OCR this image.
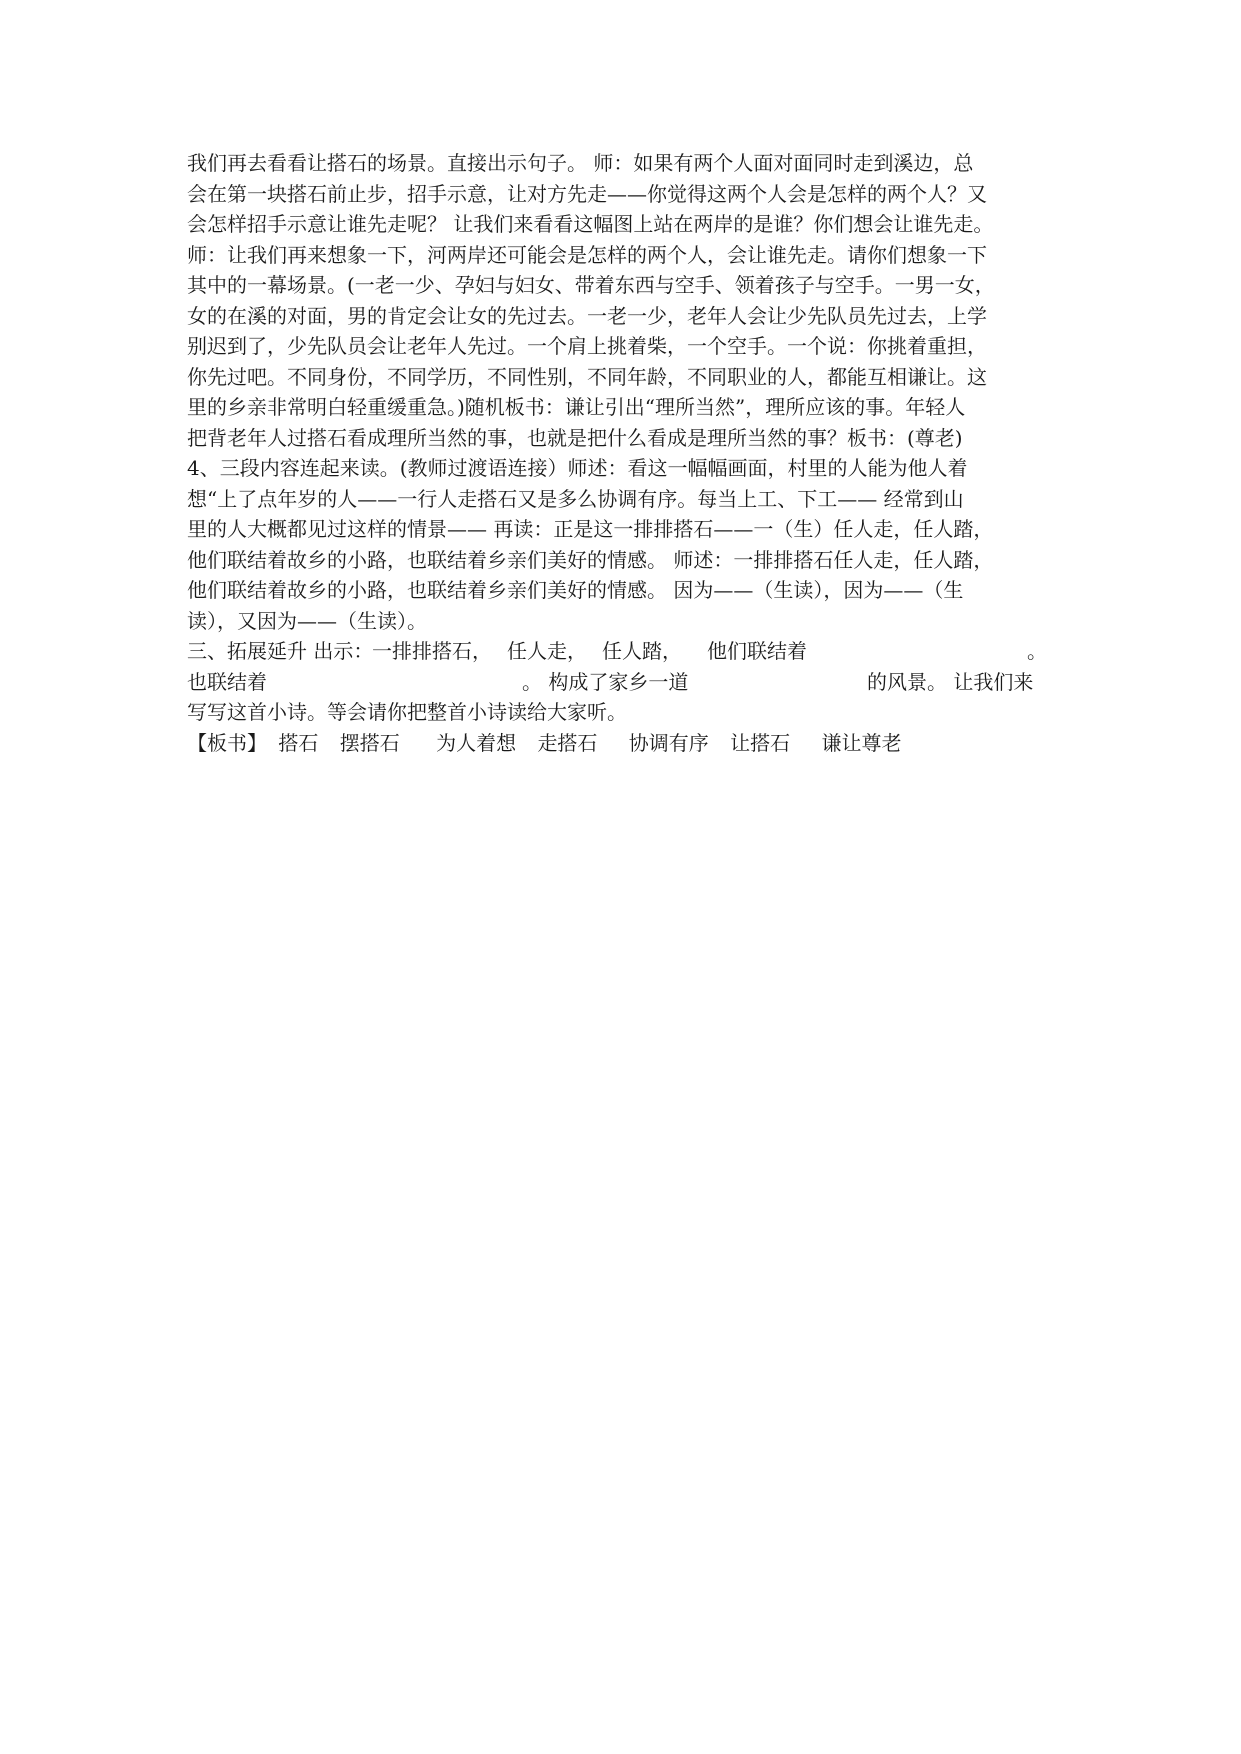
我们再去看看让搭石的场景。直接出示句子。 师：如果有两个人面对面同时走到溪边，总
会在第一块搭石前止步，招手示意，让对方先走——你觉得这两个人会是怎样的两个人？又
会怎样招手示意让谁先走呢？ 让我们来看看这幅图上站在两岸的是谁？你们想会让谁先走。
师：让我们再来想象一下，河两岸还可能会是怎样的两个人，会让谁先走。请你们想象一下
其中的一幕场景。(一老一少、孕妇与妇女、带着东西与空手、领着孩子与空手。一男一女，
女的在溪的对面，男的肯定会让女的先过去。一老一少，老年人会让少先队员先过去，上学
别迟到了，少先队员会让老年人先过。一个肩上挑着柴，一个空手。一个说：你挑着重担，
你先过吧。不同身份，不同学历，不同性别，不同年龄，不同职业的人，都能互相谦让。这
里的乡亲非常明白轻重缓重急。)随机板书：谦让引出“理所当然”，理所应该的事。年轻人
把背老年人过搭石看成理所当然的事，也就是把什么看成是理所当然的事？板书：(尊老)
4、三段内容连起来读。(教师过渡语连接）师述：看这一幅幅画面，村里的人能为他人着
想“上了点年岁的人——一行人走搭石又是多么协调有序。每当上工、下工—— 经常到山
里的人大概都见过这样的情景—— 再读：正是这一排排搭石——一（生）任人走，任人踏，
他们联结着故乡的小路，也联结着乡亲们美好的情感。 师述：一排排搭石任人走，任人踏，
他们联结着故乡的小路，也联结着乡亲们美好的情感。 因为——（生读），因为——（生
读），又因为——（生读）。
三、拓展延升 出示：
一排排搭石， 任人走， 任人踏，	他们联结着	。
也联结着	。 构成了家乡一道	的风景。 让我们来
写写这首小诗。等会请你把整首小诗读给大家听。
【板书】 搭石 摆搭石 为人着想 走搭石 协调有序 让搭石 谦让尊老
